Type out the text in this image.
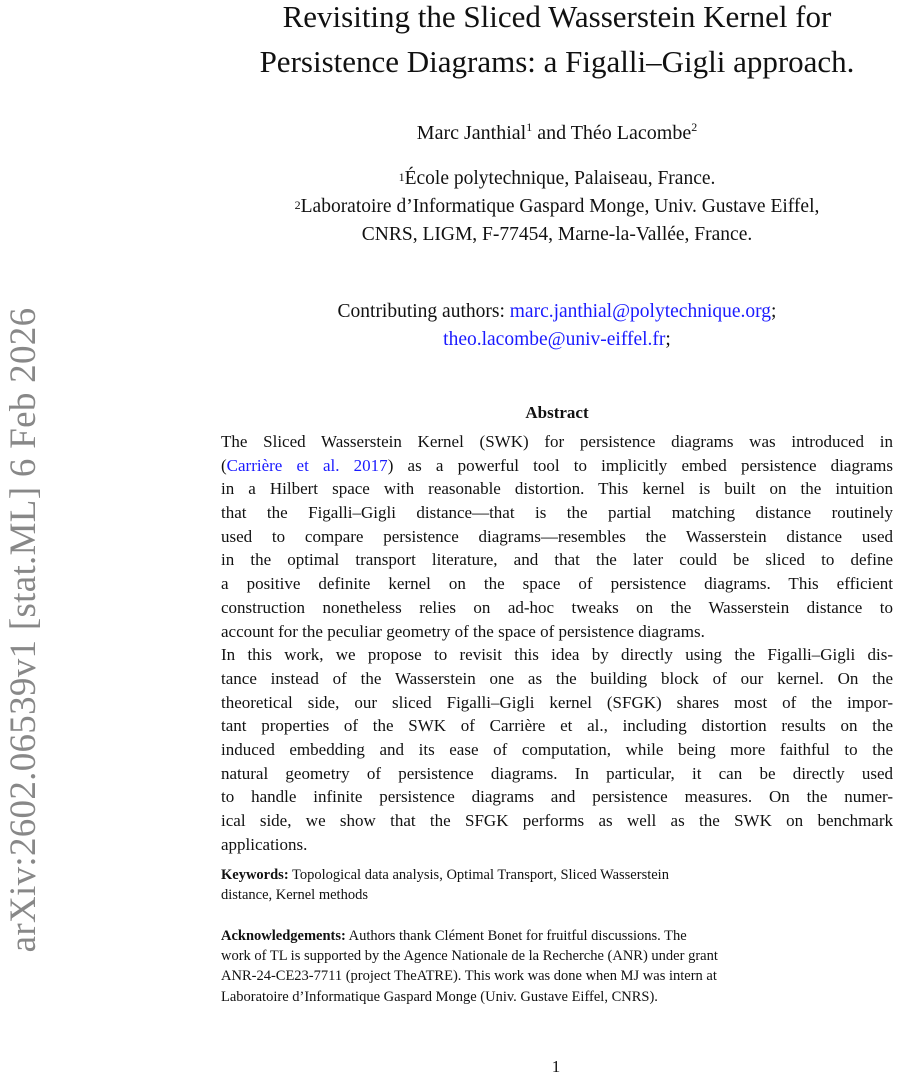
arXiv:2602.06539v1 [stat.ML] 6 Feb 2026
Revisiting the Sliced Wasserstein Kernel for
Persistence Diagrams: a Figalli–Gigli approach.
Marc Janthial$^1$ and Théo Lacombe$^2$
$^1$École polytechnique, Palaiseau, France.
$^2$Laboratoire d’Informatique Gaspard Monge, Univ. Gustave Eiffel,
CNRS, LIGM, F-77454, Marne-la-Vallée, France.
Contributing authors: marc.janthial@polytechnique.org;
theo.lacombe@univ-eiffel.fr;
Abstract
The Sliced Wasserstein Kernel (SWK) for persistence diagrams was introduced in
(Carrière et al. 2017) as a powerful tool to implicitly embed persistence diagrams
in a Hilbert space with reasonable distortion. This kernel is built on the intuition
that the Figalli–Gigli distance—that is the partial matching distance routinely
used to compare persistence diagrams—resembles the Wasserstein distance used
in the optimal transport literature, and that the later could be sliced to define
a positive definite kernel on the space of persistence diagrams. This efficient
construction nonetheless relies on ad-hoc tweaks on the Wasserstein distance to
account for the peculiar geometry of the space of persistence diagrams.
In this work, we propose to revisit this idea by directly using the Figalli–Gigli dis-
tance instead of the Wasserstein one as the building block of our kernel. On the
theoretical side, our sliced Figalli–Gigli kernel (SFGK) shares most of the impor-
tant properties of the SWK of Carrière et al., including distortion results on the
induced embedding and its ease of computation, while being more faithful to the
natural geometry of persistence diagrams. In particular, it can be directly used
to handle infinite persistence diagrams and persistence measures. On the numer-
ical side, we show that the SFGK performs as well as the SWK on benchmark
applications.
Keywords: Topological data analysis, Optimal Transport, Sliced Wasserstein
distance, Kernel methods
Acknowledgements: Authors thank Clément Bonet for fruitful discussions. The
work of TL is supported by the Agence Nationale de la Recherche (ANR) under grant
ANR-24-CE23-7711 (project TheATRE). This work was done when MJ was intern at
Laboratoire d’Informatique Gaspard Monge (Univ. Gustave Eiffel, CNRS).
1
